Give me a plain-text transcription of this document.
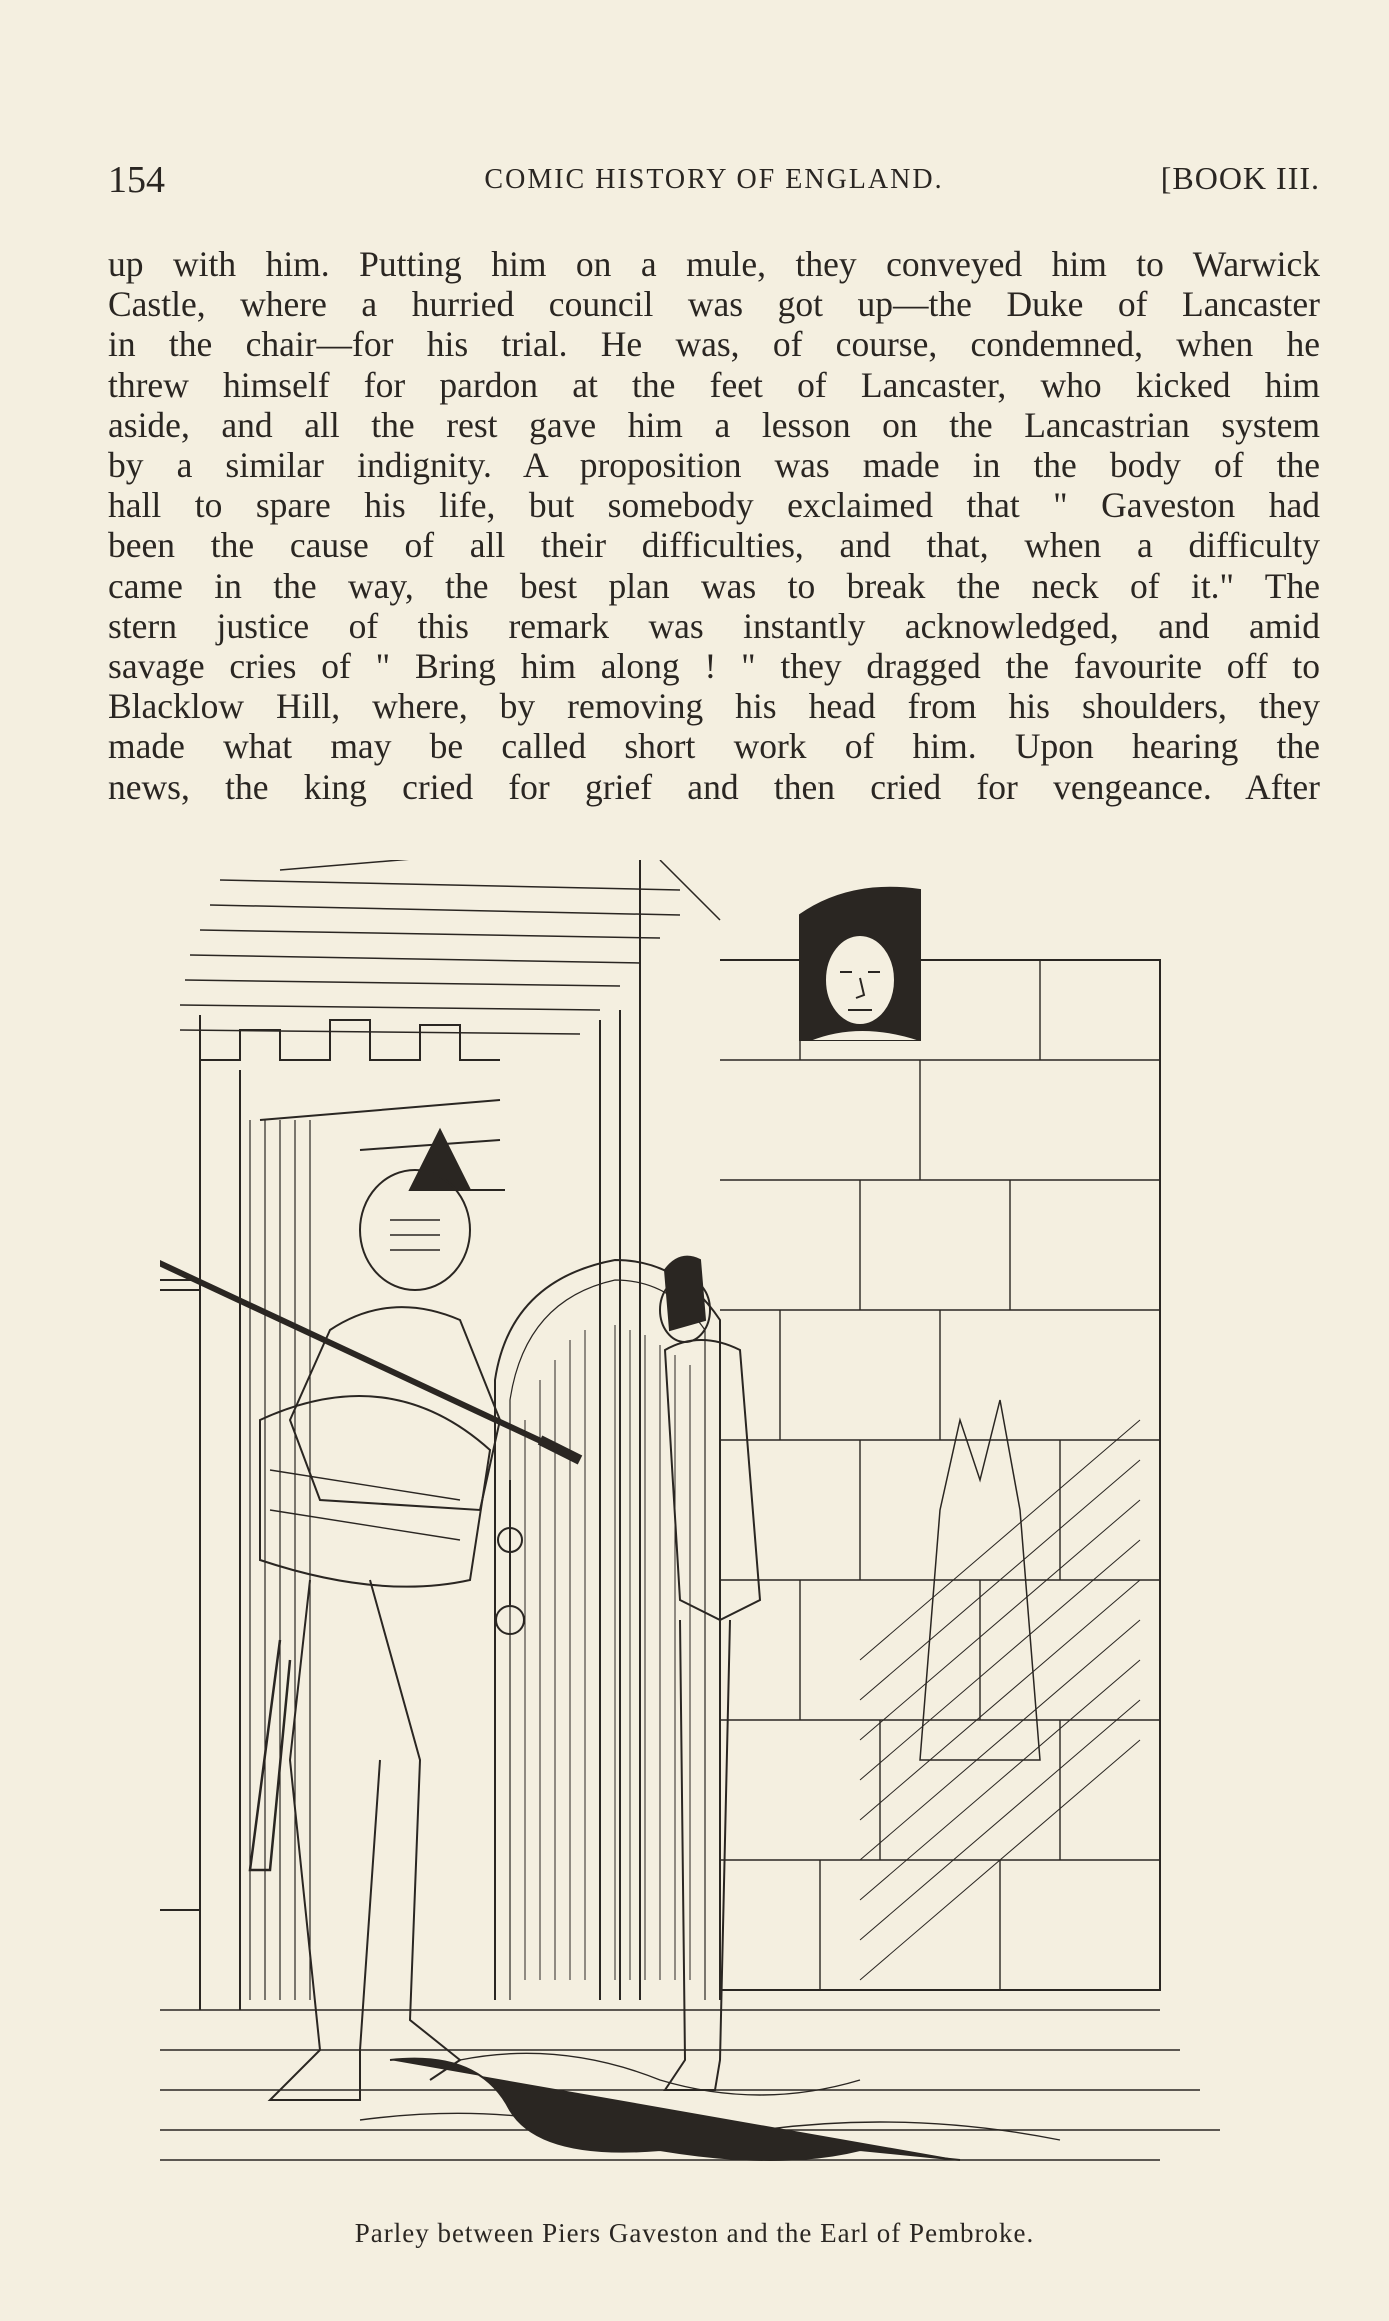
154	COMIC HISTORY OF ENGLAND.	[BOOK III.
up with him. Putting him on a mule, they conveyed him to Warwick
Castle, where a hurried council was got up—the Duke of Lancaster
in the chair—for his trial. He was, of course, condemned, when he
threw himself for pardon at the feet of Lancaster, who kicked him
aside, and all the rest gave him a lesson on the Lancastrian system
by a similar indignity. A proposition was made in the body of the
hall to spare his life, but somebody exclaimed that " Gaveston had
been the cause of all their difficulties, and that, when a difficulty
came in the way, the best plan was to break the neck of it." The
stern justice of this remark was instantly acknowledged, and amid
savage cries of " Bring him along ! " they dragged the favourite off to
Blacklow Hill, where, by removing his head from his shoulders, they
made what may be called short work of him. Upon hearing the
news, the king cried for grief and then cried for vengeance. After
Parley between Piers Gaveston and the Earl of Pembroke.
